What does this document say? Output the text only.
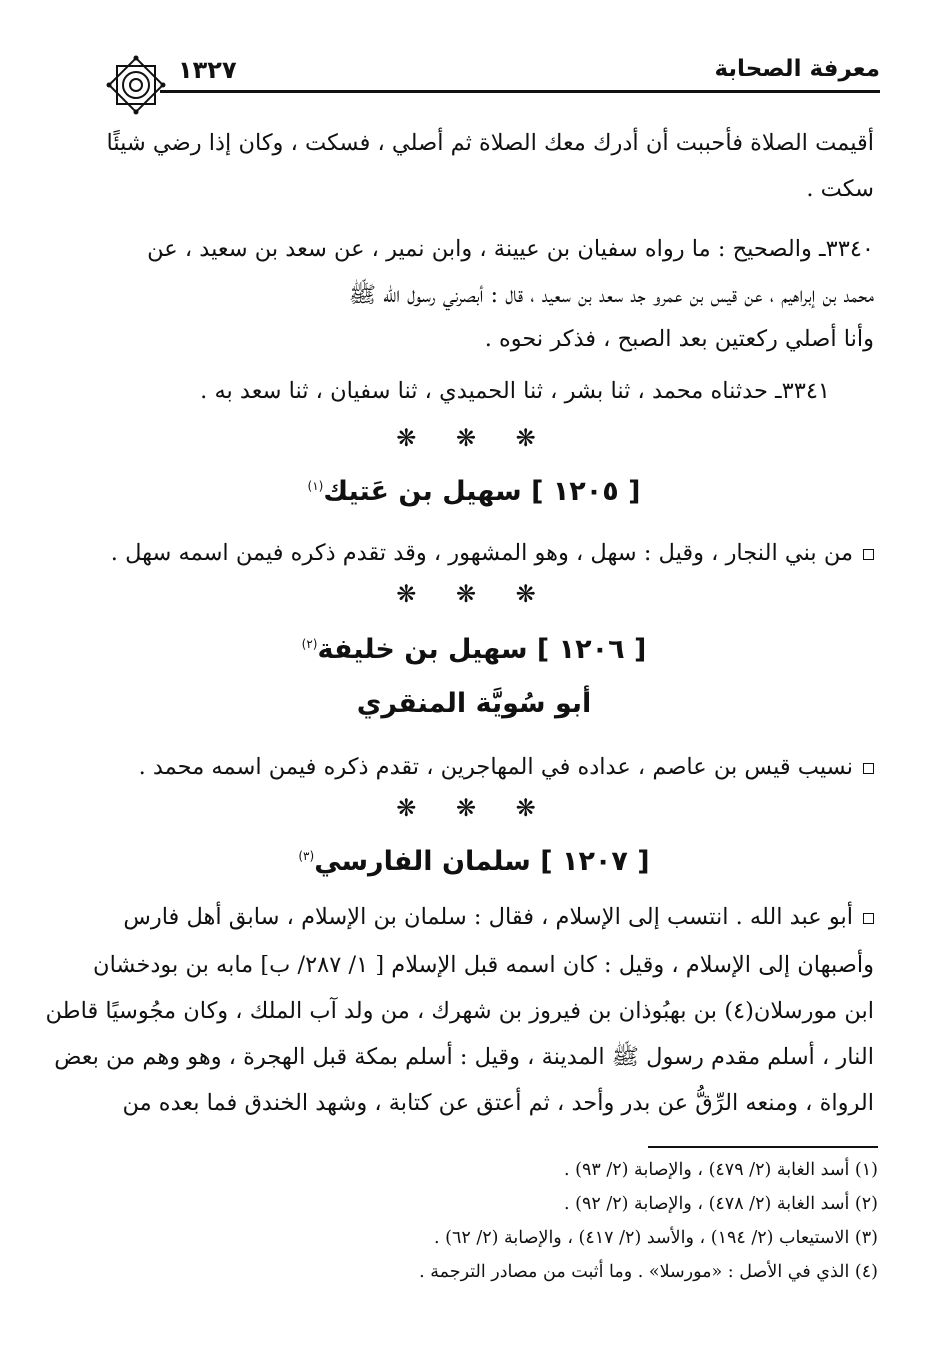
معرفة الصحابة
١٣٢٧
أقيمت الصلاة فأحببت أن أدرك معك الصلاة ثم أصلي ، فسكت ، وكان إذا رضي شيئًا
سكت .
٣٣٤٠ـ والصحيح : ما رواه سفيان بن عيينة ، وابن نمير ، عن سعد بن سعيد ، عن
محمد بن إبراهيم ، عن قيس بن عمرو جد سعد بن سعيد ، قال : أبصرني رسول الله ﷺ
وأنا أصلي ركعتين بعد الصبح ، فذكر نحوه .
٣٣٤١ـ حدثناه محمد ، ثنا بشر ، ثنا الحميدي ، ثنا سفيان ، ثنا سعد به .
❋ ❋ ❋
[ ١٢٠٥ ] سهيل بن عَتيك$^{(١)}$
من بني النجار ، وقيل : سهل ، وهو المشهور ، وقد تقدم ذكره فيمن اسمه سهل .
❋ ❋ ❋
[ ١٢٠٦ ] سهيل بن خليفة$^{(٢)}$
أبو سُويَّة المنقري
نسيب قيس بن عاصم ، عداده في المهاجرين ، تقدم ذكره فيمن اسمه محمد .
❋ ❋ ❋
[ ١٢٠٧ ] سلمان الفارسي$^{(٣)}$
أبو عبد الله . انتسب إلى الإسلام ، فقال : سلمان بن الإسلام ، سابق أهل فارس
وأصبهان إلى الإسلام ، وقيل : كان اسمه قبل الإسلام [ ١/ ٢٨٧/ ب] مابه بن بودخشان
ابن مورسلان(٤) بن بهبُوذان بن فيروز بن شهرك ، من ولد آب الملك ، وكان مجُوسيًا قاطن
النار ، أسلم مقدم رسول ﷺ المدينة ، وقيل : أسلم بمكة قبل الهجرة ، وهو وهم من بعض
الرواة ، ومنعه الرِّقُّ عن بدر وأحد ، ثم أعتق عن كتابة ، وشهد الخندق فما بعده من
(١) أسد الغابة (٢/ ٤٧٩) ، والإصابة (٢/ ٩٣) .
(٢) أسد الغابة (٢/ ٤٧٨) ، والإصابة (٢/ ٩٢) .
(٣) الاستيعاب (٢/ ١٩٤) ، والأسد (٢/ ٤١٧) ، والإصابة (٢/ ٦٢) .
(٤) الذي في الأصل : «مورسلا» . وما أثبت من مصادر الترجمة .
